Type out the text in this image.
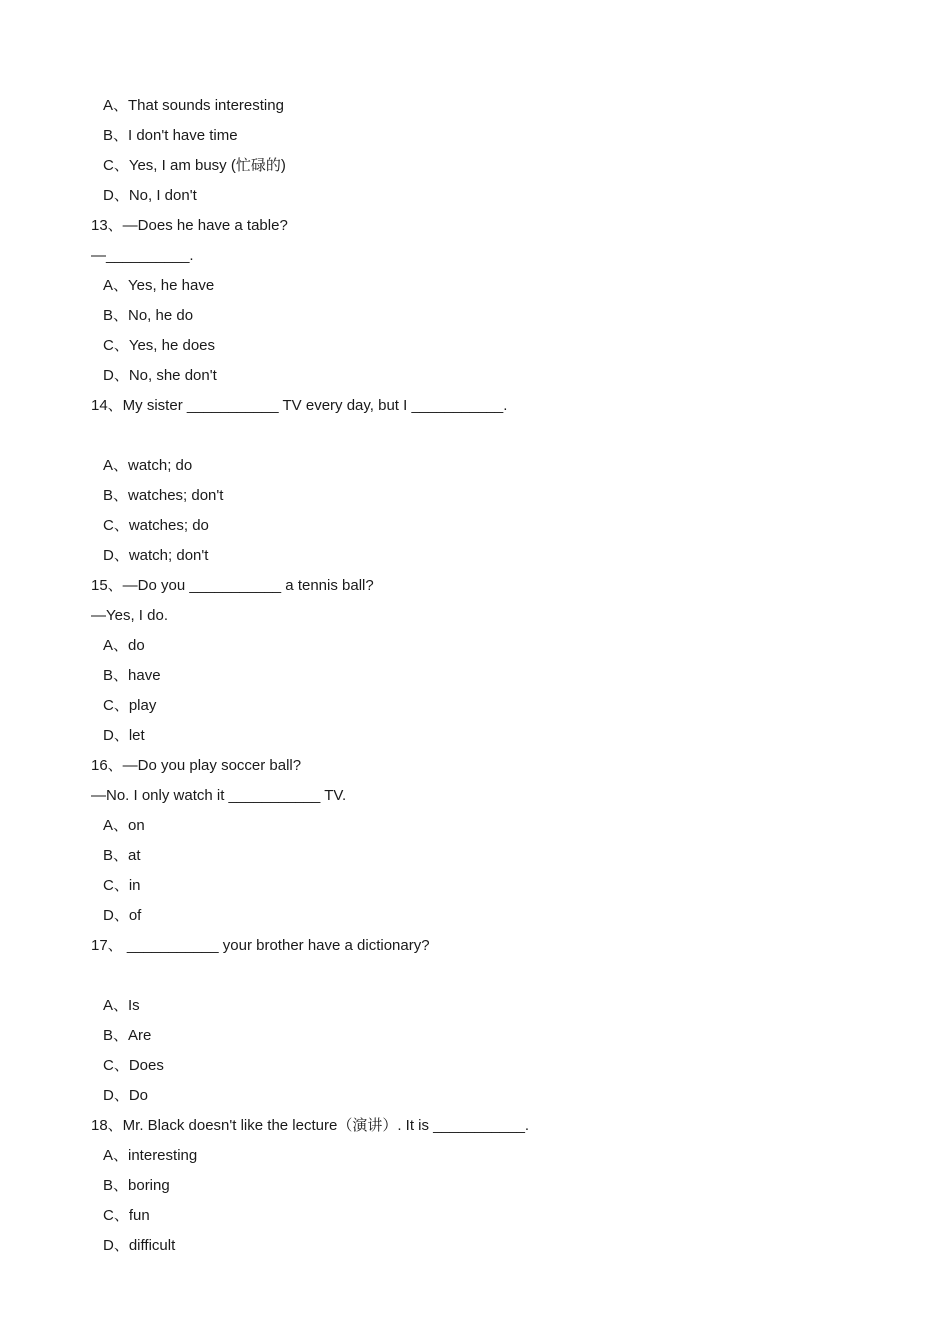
A、That sounds interesting
B、I don't have time
C、Yes, I am busy (忙碌的)
D、No, I don't
13、—Does he have a table?
—__________.
A、Yes, he have
B、No, he do
C、Yes, he does
D、No, she don't
14、My sister ___________ TV every day, but I ___________.
A、watch; do
B、watches; don't
C、watches; do
D、watch; don't
15、—Do you ___________ a tennis ball?
—Yes, I do.
A、do
B、have
C、play
D、let
16、—Do you play soccer ball?
—No. I only watch it ___________ TV.
A、on
B、at
C、in
D、of
17、 ___________ your brother have a dictionary?
A、Is
B、Are
C、Does
D、Do
18、Mr. Black doesn't like the lecture（演讲）. It is ___________.
A、interesting
B、boring
C、fun
D、difficult
